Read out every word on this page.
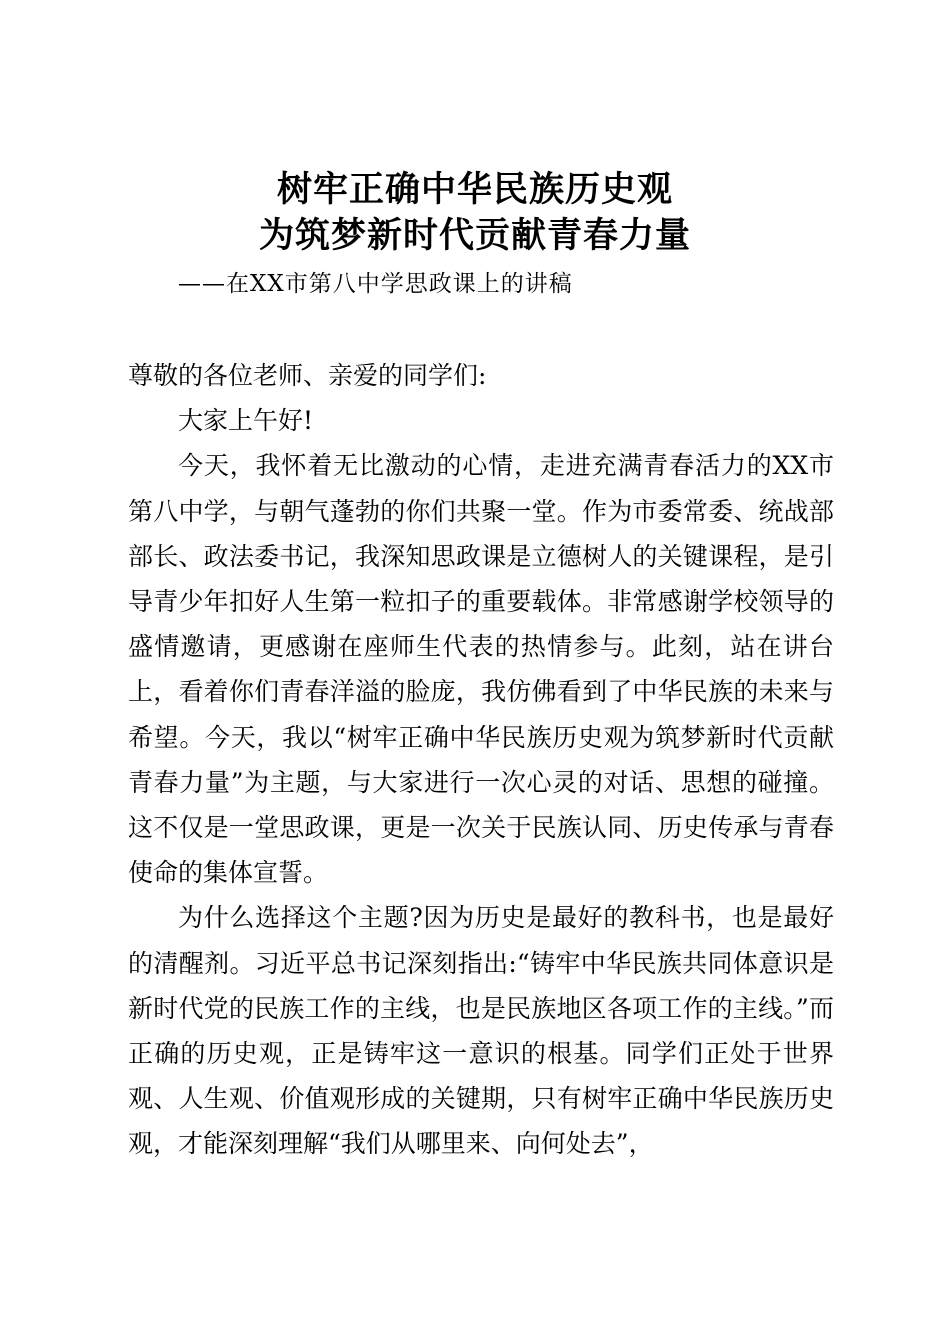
树牢正确中华民族历史观
为筑梦新时代贡献青春力量
——在XX市第八中学思政课上的讲稿

尊敬的各位老师、亲爱的同学们:

大家上午好!

今天，我怀着无比激动的心情，走进充满青春活力的XX市第八中学，与朝气蓬勃的你们共聚一堂。作为市委常委、统战部部长、政法委书记，我深知思政课是立德树人的关键课程，是引导青少年扣好人生第一粒扣子的重要载体。非常感谢学校领导的盛情邀请，更感谢在座师生代表的热情参与。此刻，站在讲台上，看着你们青春洋溢的脸庞，我仿佛看到了中华民族的未来与希望。今天，我以“树牢正确中华民族历史观为筑梦新时代贡献青春力量”为主题，与大家进行一次心灵的对话、思想的碰撞。这不仅是一堂思政课，更是一次关于民族认同、历史传承与青春使命的集体宣誓。

为什么选择这个主题?因为历史是最好的教科书，也是最好的清醒剂。习近平总书记深刻指出:“铸牢中华民族共同体意识是新时代党的民族工作的主线，也是民族地区各项工作的主线。”而正确的历史观，正是铸牢这一意识的根基。同学们正处于世界观、人生观、价值观形成的关键期，只有树牢正确中华民族历史观，才能深刻理解“我们从哪里来、向何处去”，
